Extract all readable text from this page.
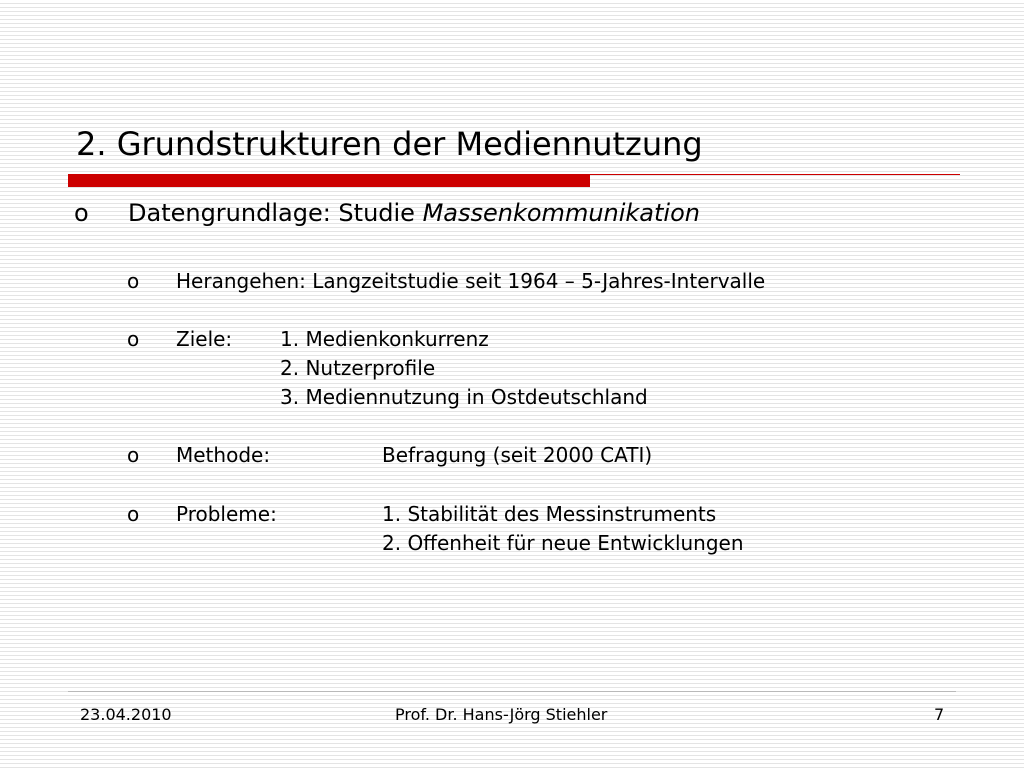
2. Grundstrukturen der Mediennutzung
o Datengrundlage: Studie Massenkommunikation
o Herangehen: Langzeitstudie seit 1964 – 5-Jahres-Intervalle
o Ziele: 1. Medienkonkurrenz
2. Nutzerprofile
3. Mediennutzung in Ostdeutschland
o Methode:	Befragung (seit 2000 CATI)
o Probleme:	1. Stabilität des Messinstruments
2. Offenheit für neue Entwicklungen
23.04.2010	Prof. Dr. Hans-Jörg Stiehler	7
